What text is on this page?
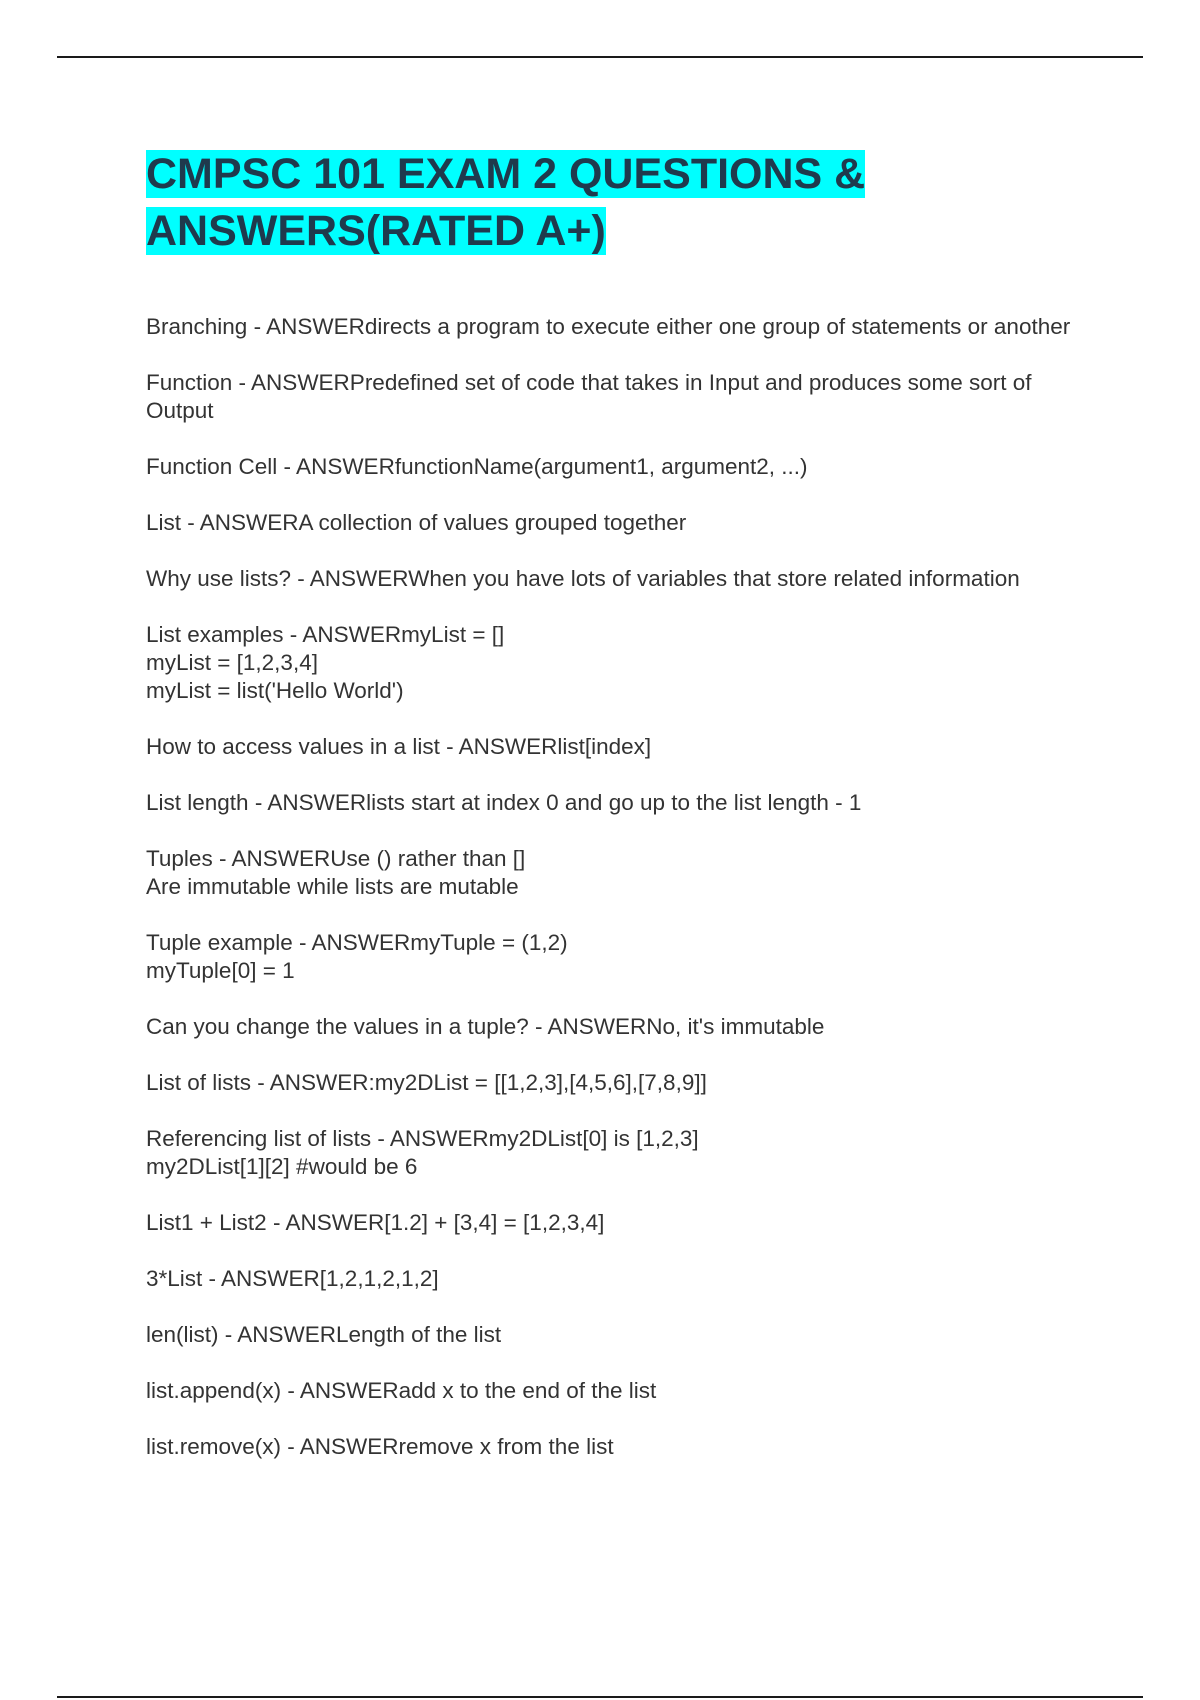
CMPSC 101 EXAM 2 QUESTIONS & ANSWERS(RATED A+)
Branching - ANSWERdirects a program to execute either one group of statements or another
Function - ANSWERPredefined set of code that takes in Input and produces some sort of Output
Function Cell - ANSWERfunctionName(argument1, argument2, ...)
List - ANSWERA collection of values grouped together
Why use lists? - ANSWERWhen you have lots of variables that store related information
List examples - ANSWERmyList = []
myList = [1,2,3,4]
myList = list('Hello World')
How to access values in a list - ANSWERlist[index]
List length - ANSWERlists start at index 0 and go up to the list length - 1
Tuples - ANSWERUse () rather than []
Are immutable while lists are mutable
Tuple example - ANSWERmyTuple = (1,2)
myTuple[0] = 1
Can you change the values in a tuple? - ANSWERNo, it's immutable
List of lists - ANSWER:my2DList = [[1,2,3],[4,5,6],[7,8,9]]
Referencing list of lists - ANSWERmy2DList[0] is [1,2,3]
my2DList[1][2] #would be 6
List1 + List2 - ANSWER[1.2] + [3,4] = [1,2,3,4]
3*List - ANSWER[1,2,1,2,1,2]
len(list) - ANSWERLength of the list
list.append(x) - ANSWERadd x to the end of the list
list.remove(x) - ANSWERremove x from the list
